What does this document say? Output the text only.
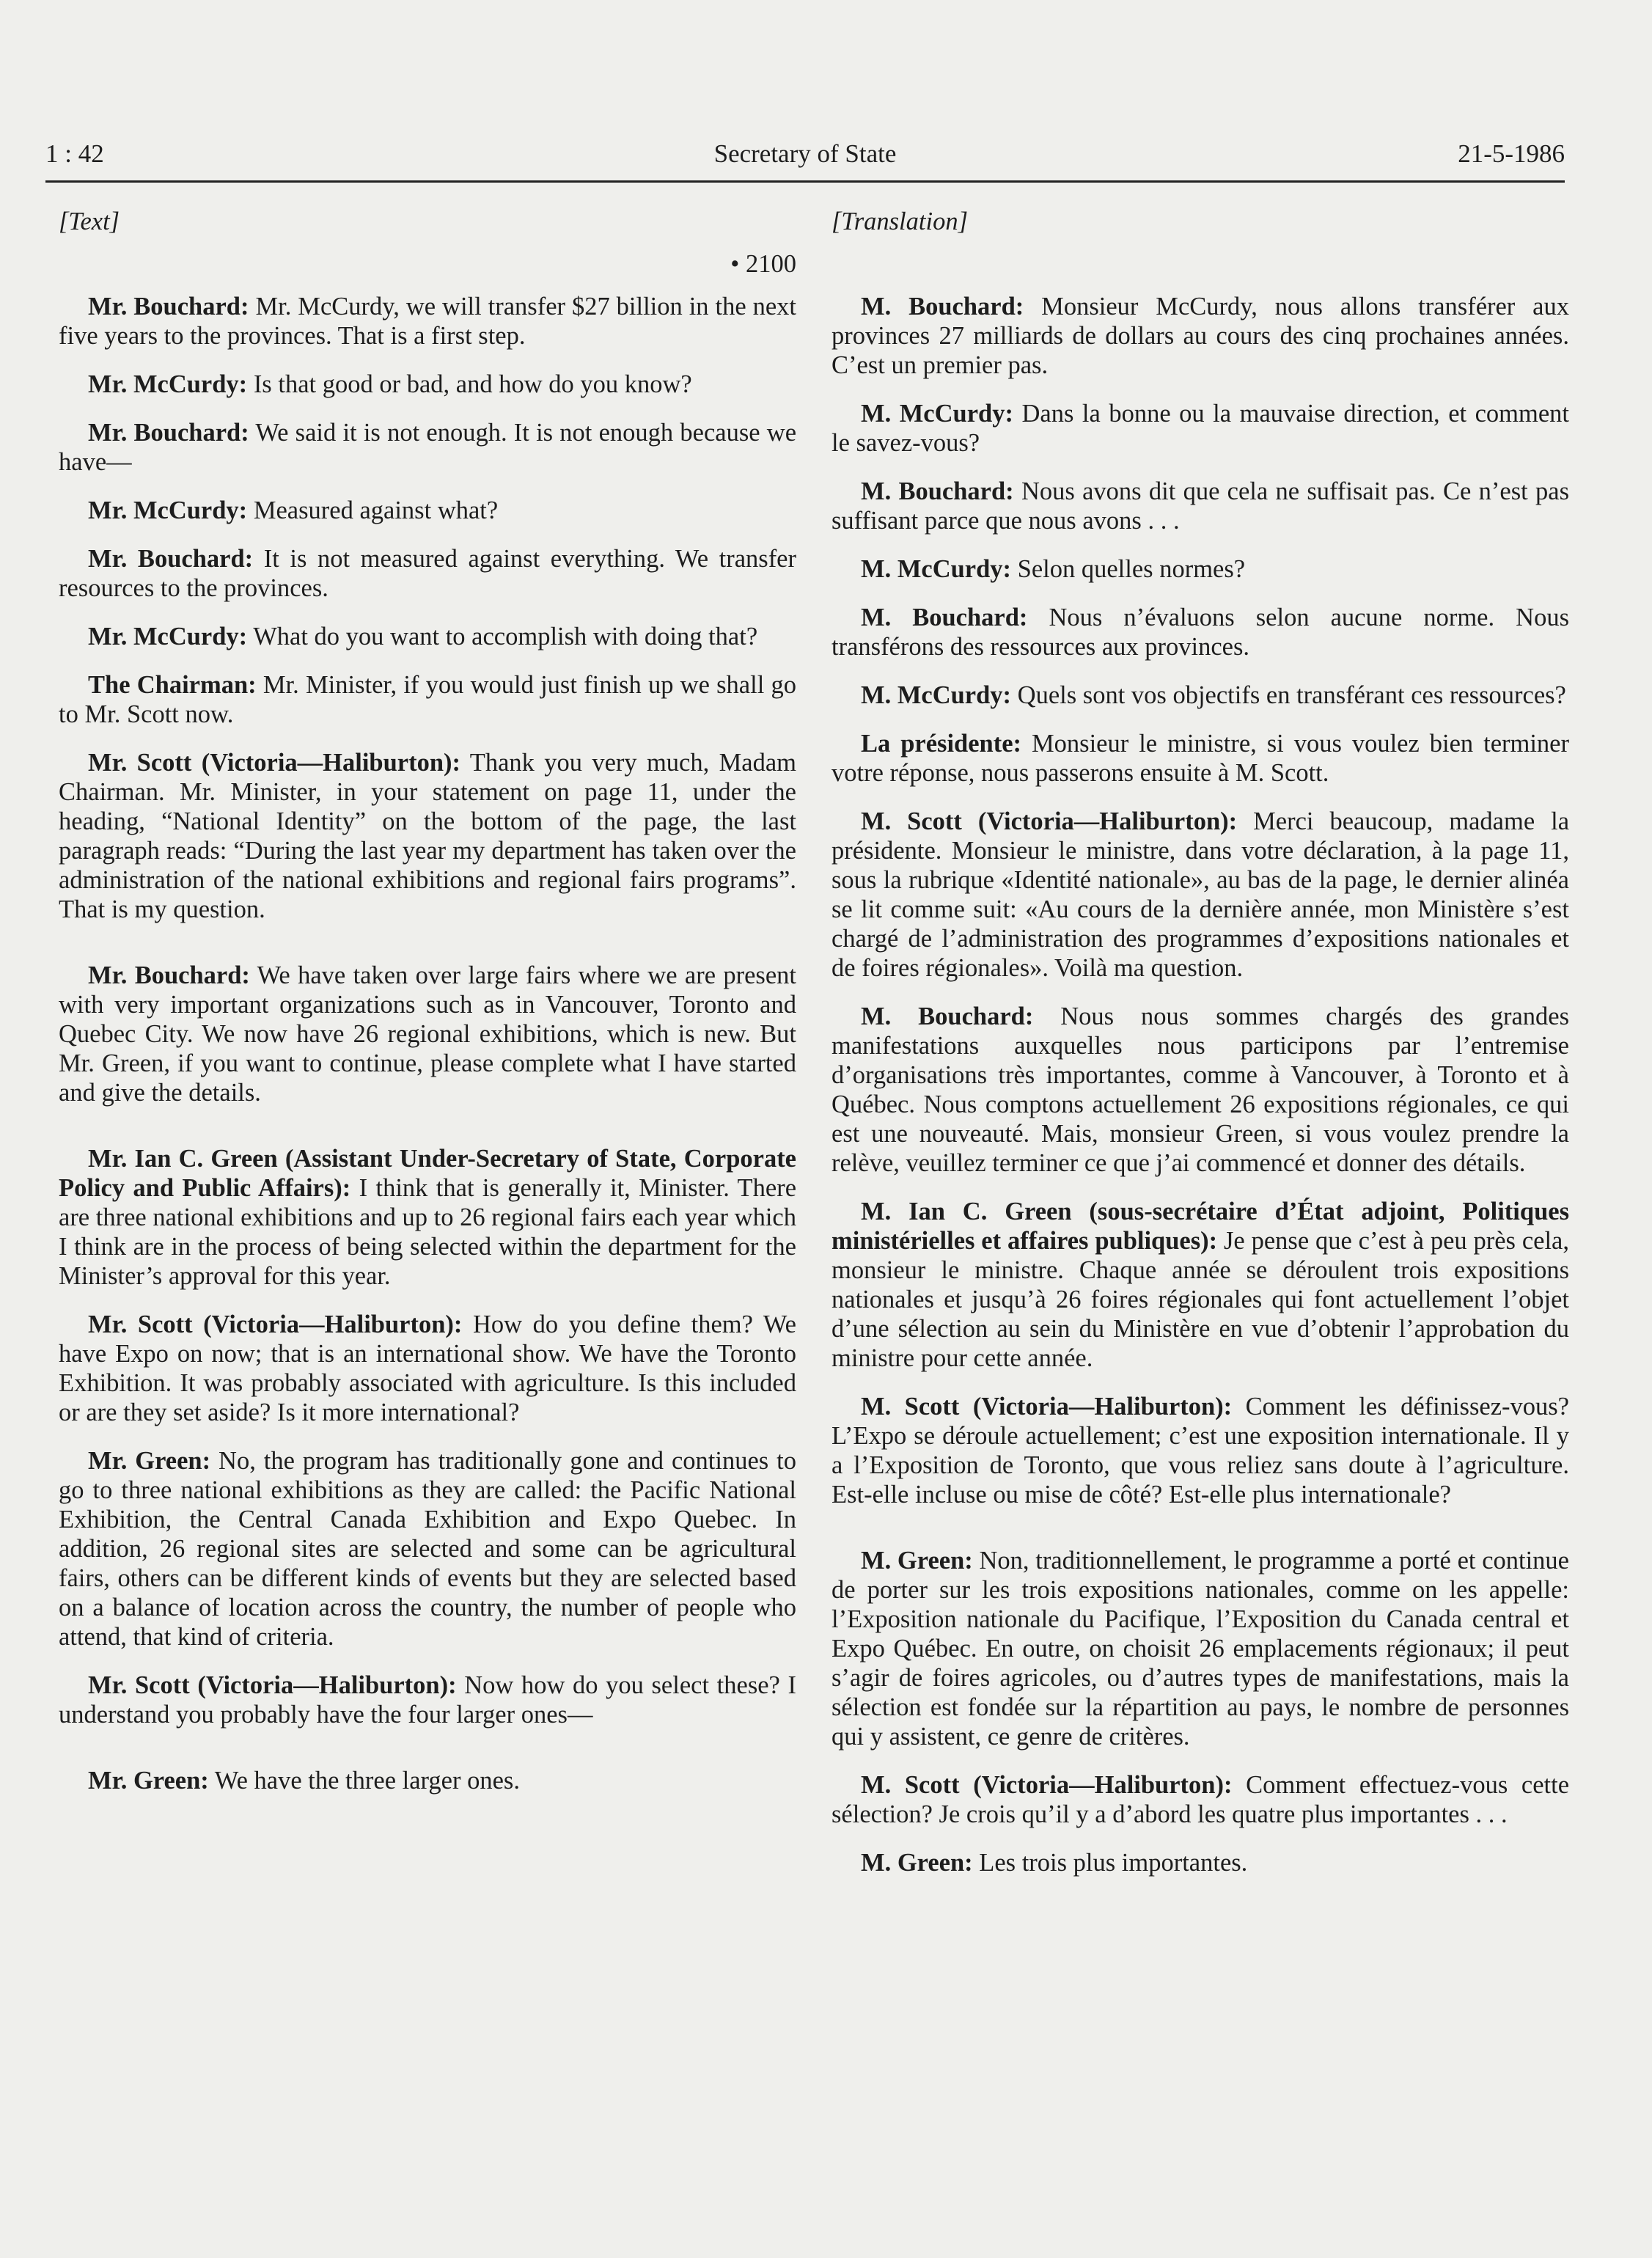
1 : 42	Secretary of State	21-5-1986

[Text]

• 2100

Mr. Bouchard: Mr. McCurdy, we will transfer $27 billion in the next five years to the provinces. That is a first step.

Mr. McCurdy: Is that good or bad, and how do you know?

Mr. Bouchard: We said it is not enough. It is not enough because we have—

Mr. McCurdy: Measured against what?

Mr. Bouchard: It is not measured against everything. We transfer resources to the provinces.

Mr. McCurdy: What do you want to accomplish with doing that?

The Chairman: Mr. Minister, if you would just finish up we shall go to Mr. Scott now.

Mr. Scott (Victoria—Haliburton): Thank you very much, Madam Chairman. Mr. Minister, in your statement on page 11, under the heading, “National Identity” on the bottom of the page, the last paragraph reads: “During the last year my department has taken over the administration of the national exhibitions and regional fairs programs”. That is my question.

Mr. Bouchard: We have taken over large fairs where we are present with very important organizations such as in Vancouver, Toronto and Quebec City. We now have 26 regional exhibitions, which is new. But Mr. Green, if you want to continue, please complete what I have started and give the details.

Mr. Ian C. Green (Assistant Under-Secretary of State, Corporate Policy and Public Affairs): I think that is generally it, Minister. There are three national exhibitions and up to 26 regional fairs each year which I think are in the process of being selected within the department for the Minister’s approval for this year.

Mr. Scott (Victoria—Haliburton): How do you define them? We have Expo on now; that is an international show. We have the Toronto Exhibition. It was probably associated with agriculture. Is this included or are they set aside? Is it more international?

Mr. Green: No, the program has traditionally gone and continues to go to three national exhibitions as they are called: the Pacific National Exhibition, the Central Canada Exhibition and Expo Quebec. In addition, 26 regional sites are selected and some can be agricultural fairs, others can be different kinds of events but they are selected based on a balance of location across the country, the number of people who attend, that kind of criteria.

Mr. Scott (Victoria—Haliburton): Now how do you select these? I understand you probably have the four larger ones—

Mr. Green: We have the three larger ones.

[Translation]

M. Bouchard: Monsieur McCurdy, nous allons transférer aux provinces 27 milliards de dollars au cours des cinq prochaines années. C’est un premier pas.

M. McCurdy: Dans la bonne ou la mauvaise direction, et comment le savez-vous?

M. Bouchard: Nous avons dit que cela ne suffisait pas. Ce n’est pas suffisant parce que nous avons . . .

M. McCurdy: Selon quelles normes?

M. Bouchard: Nous n’évaluons selon aucune norme. Nous transférons des ressources aux provinces.

M. McCurdy: Quels sont vos objectifs en transférant ces ressources?

La présidente: Monsieur le ministre, si vous voulez bien terminer votre réponse, nous passerons ensuite à M. Scott.

M. Scott (Victoria—Haliburton): Merci beaucoup, madame la présidente. Monsieur le ministre, dans votre déclaration, à la page 11, sous la rubrique «Identité nationale», au bas de la page, le dernier alinéa se lit comme suit: «Au cours de la dernière année, mon Ministère s’est chargé de l’administration des programmes d’expositions nationales et de foires régionales». Voilà ma question.

M. Bouchard: Nous nous sommes chargés des grandes manifestations auxquelles nous participons par l’entremise d’organisations très importantes, comme à Vancouver, à Toronto et à Québec. Nous comptons actuellement 26 expositions régionales, ce qui est une nouveauté. Mais, monsieur Green, si vous voulez prendre la relève, veuillez terminer ce que j’ai commencé et donner des détails.

M. Ian C. Green (sous-secrétaire d’État adjoint, Politiques ministérielles et affaires publiques): Je pense que c’est à peu près cela, monsieur le ministre. Chaque année se déroulent trois expositions nationales et jusqu’à 26 foires régionales qui font actuellement l’objet d’une sélection au sein du Ministère en vue d’obtenir l’approbation du ministre pour cette année.

M. Scott (Victoria—Haliburton): Comment les définissez-vous? L’Expo se déroule actuellement; c’est une exposition internationale. Il y a l’Exposition de Toronto, que vous reliez sans doute à l’agriculture. Est-elle incluse ou mise de côté? Est-elle plus internationale?

M. Green: Non, traditionnellement, le programme a porté et continue de porter sur les trois expositions nationales, comme on les appelle: l’Exposition nationale du Pacifique, l’Exposition du Canada central et Expo Québec. En outre, on choisit 26 emplacements régionaux; il peut s’agir de foires agricoles, ou d’autres types de manifestations, mais la sélection est fondée sur la répartition au pays, le nombre de personnes qui y assistent, ce genre de critères.

M. Scott (Victoria—Haliburton): Comment effectuez-vous cette sélection? Je crois qu’il y a d’abord les quatre plus importantes . . .

M. Green: Les trois plus importantes.
